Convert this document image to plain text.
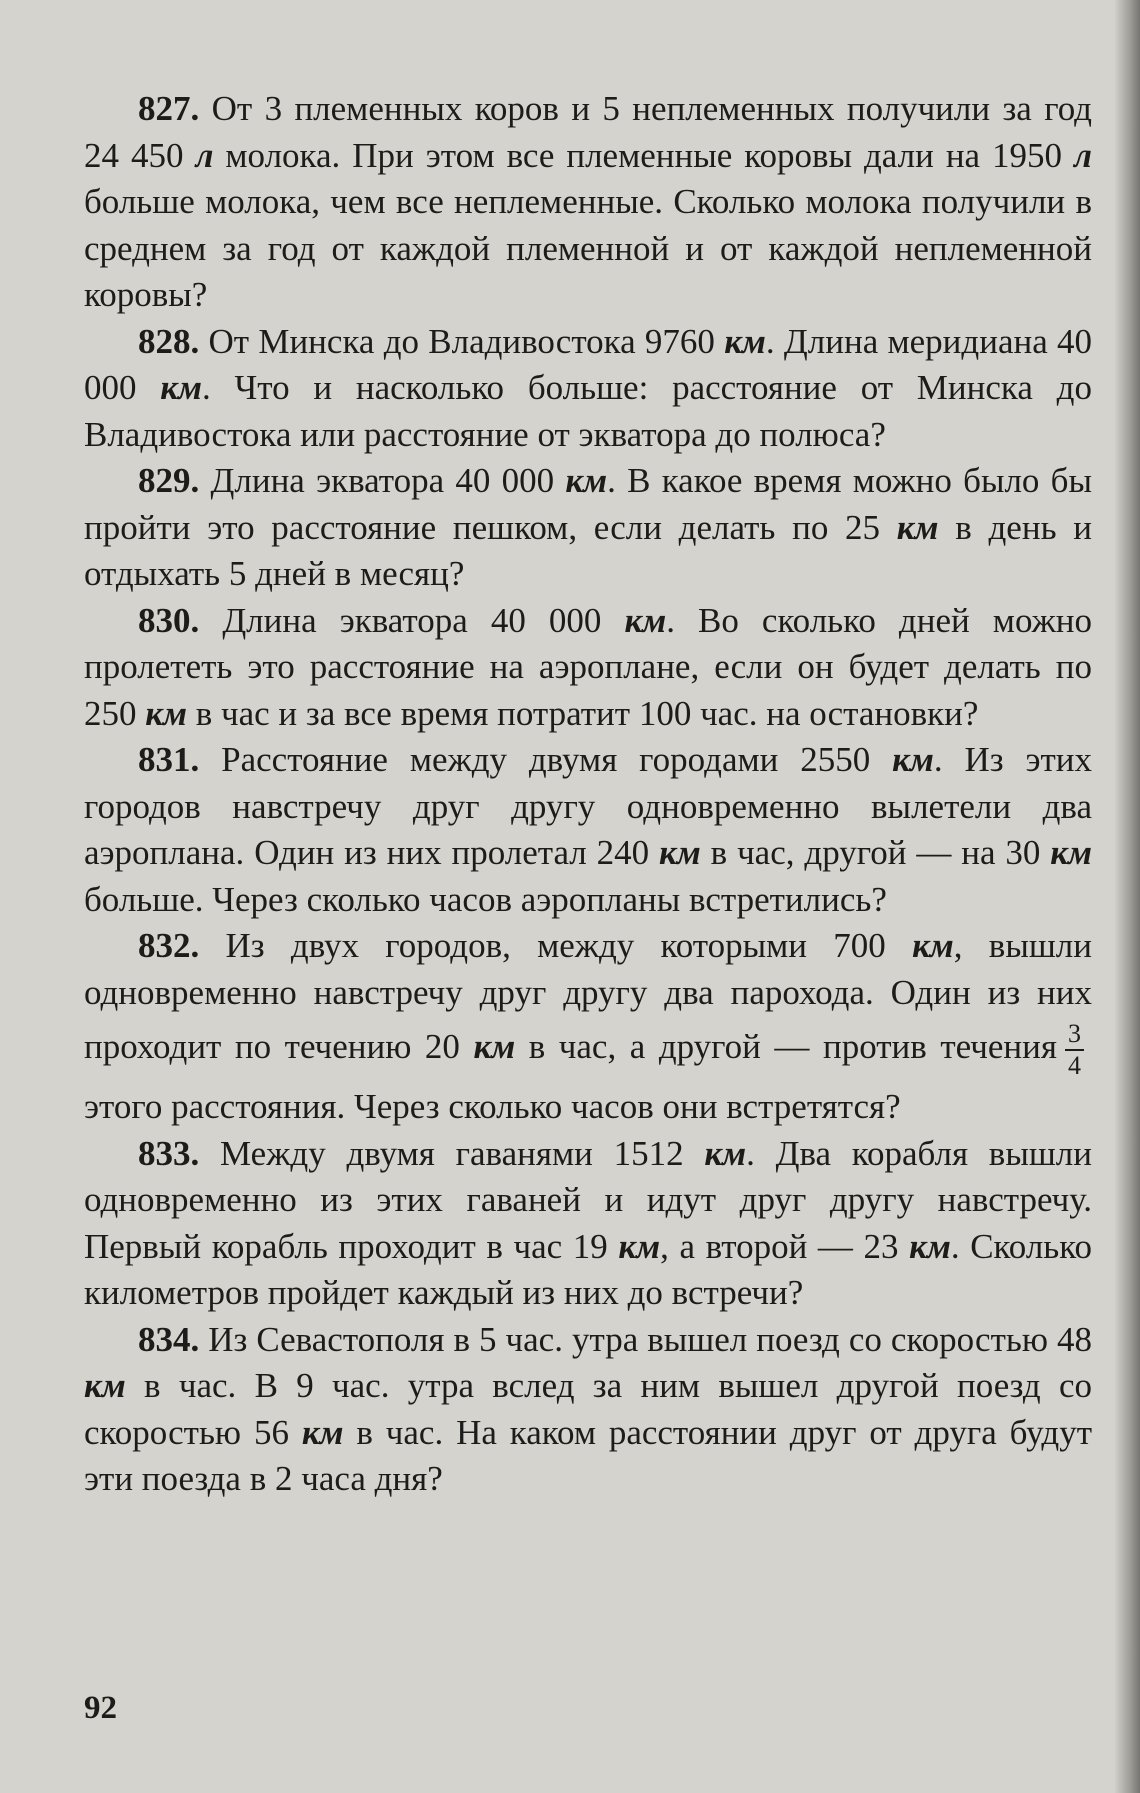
827. От 3 племенных коров и 5 неплеменных получили за год 24 450 л молока. При этом все племенные коровы дали на 1950 л больше молока, чем все неплеменные. Сколько молока получили в среднем за год от каждой племенной и от каждой неплеменной коровы?

828. От Минска до Владивостока 9760 км. Длина меридиана 40 000 км. Что и насколько больше: расстояние от Минска до Владивостока или расстояние от экватора до полюса?

829. Длина экватора 40 000 км. В какое время можно было бы пройти это расстояние пешком, если делать по 25 км в день и отдыхать 5 дней в месяц?

830. Длина экватора 40 000 км. Во сколько дней можно пролететь это расстояние на аэроплане, если он будет делать по 250 км в час и за все время потратит 100 час. на остановки?

831. Расстояние между двумя городами 2550 км. Из этих городов навстречу друг другу одновременно вылетели два аэроплана. Один из них пролетал 240 км в час, другой — на 30 км больше. Через сколько часов аэропланы встретились?

832. Из двух городов, между которыми 700 км, вышли одновременно навстречу друг другу два парохода. Один из них проходит по течению 20 км в час, а другой — против течения $\frac{3}{4}$
этого расстояния. Через сколько часов они встретятся?

833. Между двумя гаванями 1512 км. Два корабля вышли одновременно из этих гаваней и идут друг другу навстречу. Первый корабль проходит в час 19 км, а второй — 23 км. Сколько километров пройдет каждый из них до встречи?

834. Из Севастополя в 5 час. утра вышел поезд со скоростью 48 км в час. В 9 час. утра вслед за ним вышел другой поезд со скоростью 56 км в час. На каком расстоянии друг от друга будут эти поезда в 2 часа дня?

92
